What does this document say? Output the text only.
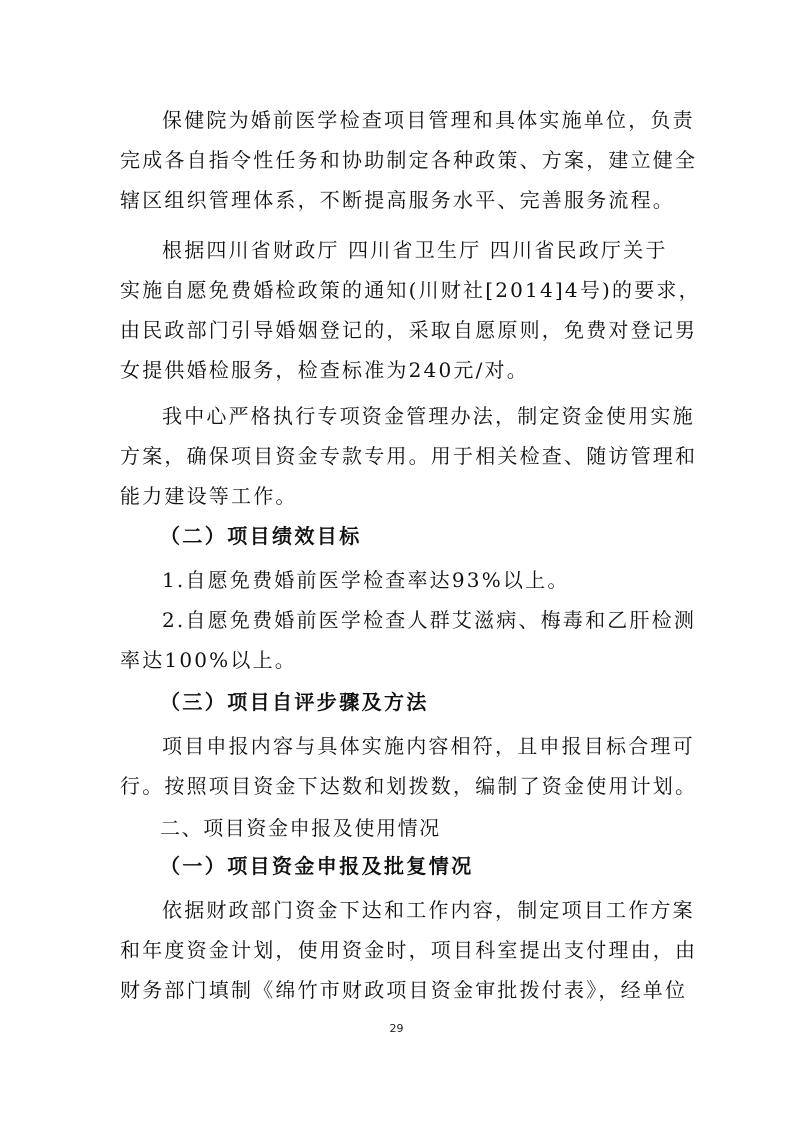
保健院为婚前医学检查项目管理和具体实施单位，负责
完成各自指令性任务和协助制定各种政策、方案，建立健全
辖区组织管理体系，不断提高服务水平、完善服务流程。
根据四川省财政厅 四川省卫生厅 四川省民政厅关于
实施自愿免费婚检政策的通知(川财社[2014]4号)的要求，
由民政部门引导婚姻登记的，采取自愿原则，免费对登记男
女提供婚检服务，检查标准为240元/对。
我中心严格执行专项资金管理办法，制定资金使用实施
方案，确保项目资金专款专用。用于相关检查、随访管理和
能力建设等工作。
（二）项目绩效目标
1.自愿免费婚前医学检查率达93%以上。
2.自愿免费婚前医学检查人群艾滋病、梅毒和乙肝检测
率达100%以上。
（三）项目自评步骤及方法
项目申报内容与具体实施内容相符，且申报目标合理可
行。按照项目资金下达数和划拨数，编制了资金使用计划。
二、项目资金申报及使用情况
（一）项目资金申报及批复情况
依据财政部门资金下达和工作内容，制定项目工作方案
和年度资金计划，使用资金时，项目科室提出支付理由，由
财务部门填制《绵竹市财政项目资金审批拨付表》，经单位
29
